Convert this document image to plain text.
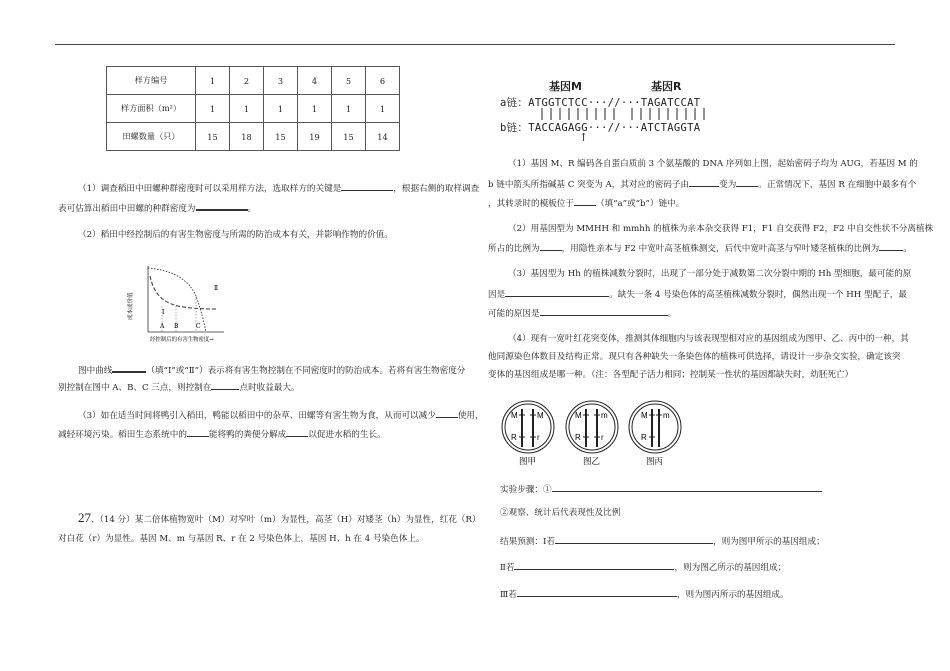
样方编号	1	2	3	4	5	6
样方面积（m²）	1	1	1	1	1	1
田螺数量（只）	15	18	15	19	15	14
（1）调查稻田中田螺种群密度时可以采用样方法，选取样方的关键是	，根据右侧的取样调查
表可估算出稻田中田螺的种群密度为	。
（2）稻田中经控制后的有害生物密度与所需的防治成本有关，并影响作物的价值。
成本或价值
Ⅱ
Ⅰ
A B	C
经控制后的有害生物密度→
图中曲线	（填“Ⅰ”或“Ⅱ”）表示将有害生物控制在不同密度时的防治成本。若将有害生物密度分
别控制在图中 A、B、C 三点，则控制在	点时收益最大。
（3）如在适当时间将鸭引入稻田，鸭能以稻田中的杂草、田螺等有害生物为食，从而可以减少	使用，
减轻环境污染。稻田生态系统中的	能将鸭的粪便分解成	以促进水稻的生长。
27、（14 分）某二倍体植物宽叶（M）对窄叶（m）为显性，高茎（H）对矮茎（h）为显性，红花（R）
对白花（r）为显性。基因 M、m 与基因 R、r 在 2 号染色体上，基因 H、h 在 4 号染色体上。
基因M	基因R
a链：ATGGTCTCC···//···TAGATCCAT
b链：TACCAGAGG···//···ATCTAGGTA
↑
（1）基因 M、R 编码各自蛋白质前 3 个氨基酸的 DNA 序列如上图，起始密码子均为 AUG，若基因 M 的
b 链中箭头所指碱基 C 突变为 A，其对应的密码子由	变为	。正常情况下，基因 R 在细胞中最多有个
，其转录时的模板位于	（填“a”或“b”）链中。
（2）用基因型为 MMHH 和 mmhh 的植株为亲本杂交获得 F1，F1 自交获得 F2，F2 中自交性状不分离植株
所占的比例为	，用隐性亲本与 F2 中宽叶高茎植株测交，后代中宽叶高茎与窄叶矮茎植株的比例为	。
（3）基因型为 Hh 的植株减数分裂时，出现了一部分处于减数第二次分裂中期的 Hh 型细胞，最可能的原
因是	。缺失一条 4 号染色体的高茎植株减数分裂时，偶然出现一个 HH 型配子，最
可能的原因是	。
（4）现有一宽叶红花突变体，推测其体细胞内与该表现型相对应的基因组成为图甲、乙、丙中的一种，其
他同源染色体数目及结构正常。现只有各种缺失一条染色体的植株可供选择，请设计一步杂交实验，确定该突
变体的基因组成是哪一种。（注：各型配子活力相同；控制某一性状的基因都缺失时，幼胚死亡）
M M
R	r
M m
R	r
M m
R
图甲	图乙	图丙
实验步骤：①
②观察、统计后代表现性及比例
结果预测：Ⅰ若	，则为图甲所示的基因组成；
Ⅱ若	，则为图乙所示的基因组成；
Ⅲ若	，则为图丙所示的基因组成。
